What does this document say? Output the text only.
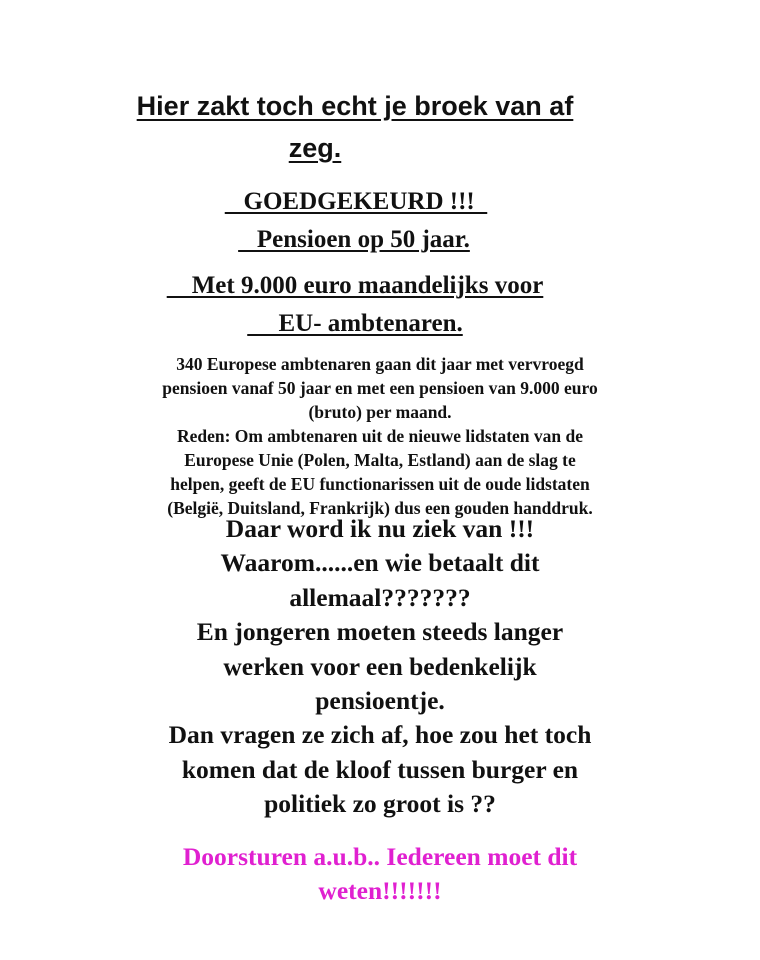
Hier zakt toch echt je broek van af
zeg.
GOEDGEKEURD !!!
Pensioen op 50 jaar.
Met 9.000 euro maandelijks voor
EU- ambtenaren.
340 Europese ambtenaren gaan dit jaar met vervroegd
pensioen vanaf 50 jaar en met een pensioen van 9.000 euro
(bruto) per maand.
Reden: Om ambtenaren uit de nieuwe lidstaten van de
Europese Unie (Polen, Malta, Estland) aan de slag te
helpen, geeft de EU functionarissen uit de oude lidstaten
(België, Duitsland, Frankrijk) dus een gouden handdruk.
Daar word ik nu ziek van !!!
Waarom......en wie betaalt dit
allemaal???????
En jongeren moeten steeds langer
werken voor een bedenkelijk
pensioentje.
Dan vragen ze zich af, hoe zou het toch
komen dat de kloof tussen burger en
politiek zo groot is ??
Doorsturen a.u.b.. Iedereen moet dit
weten!!!!!!!
